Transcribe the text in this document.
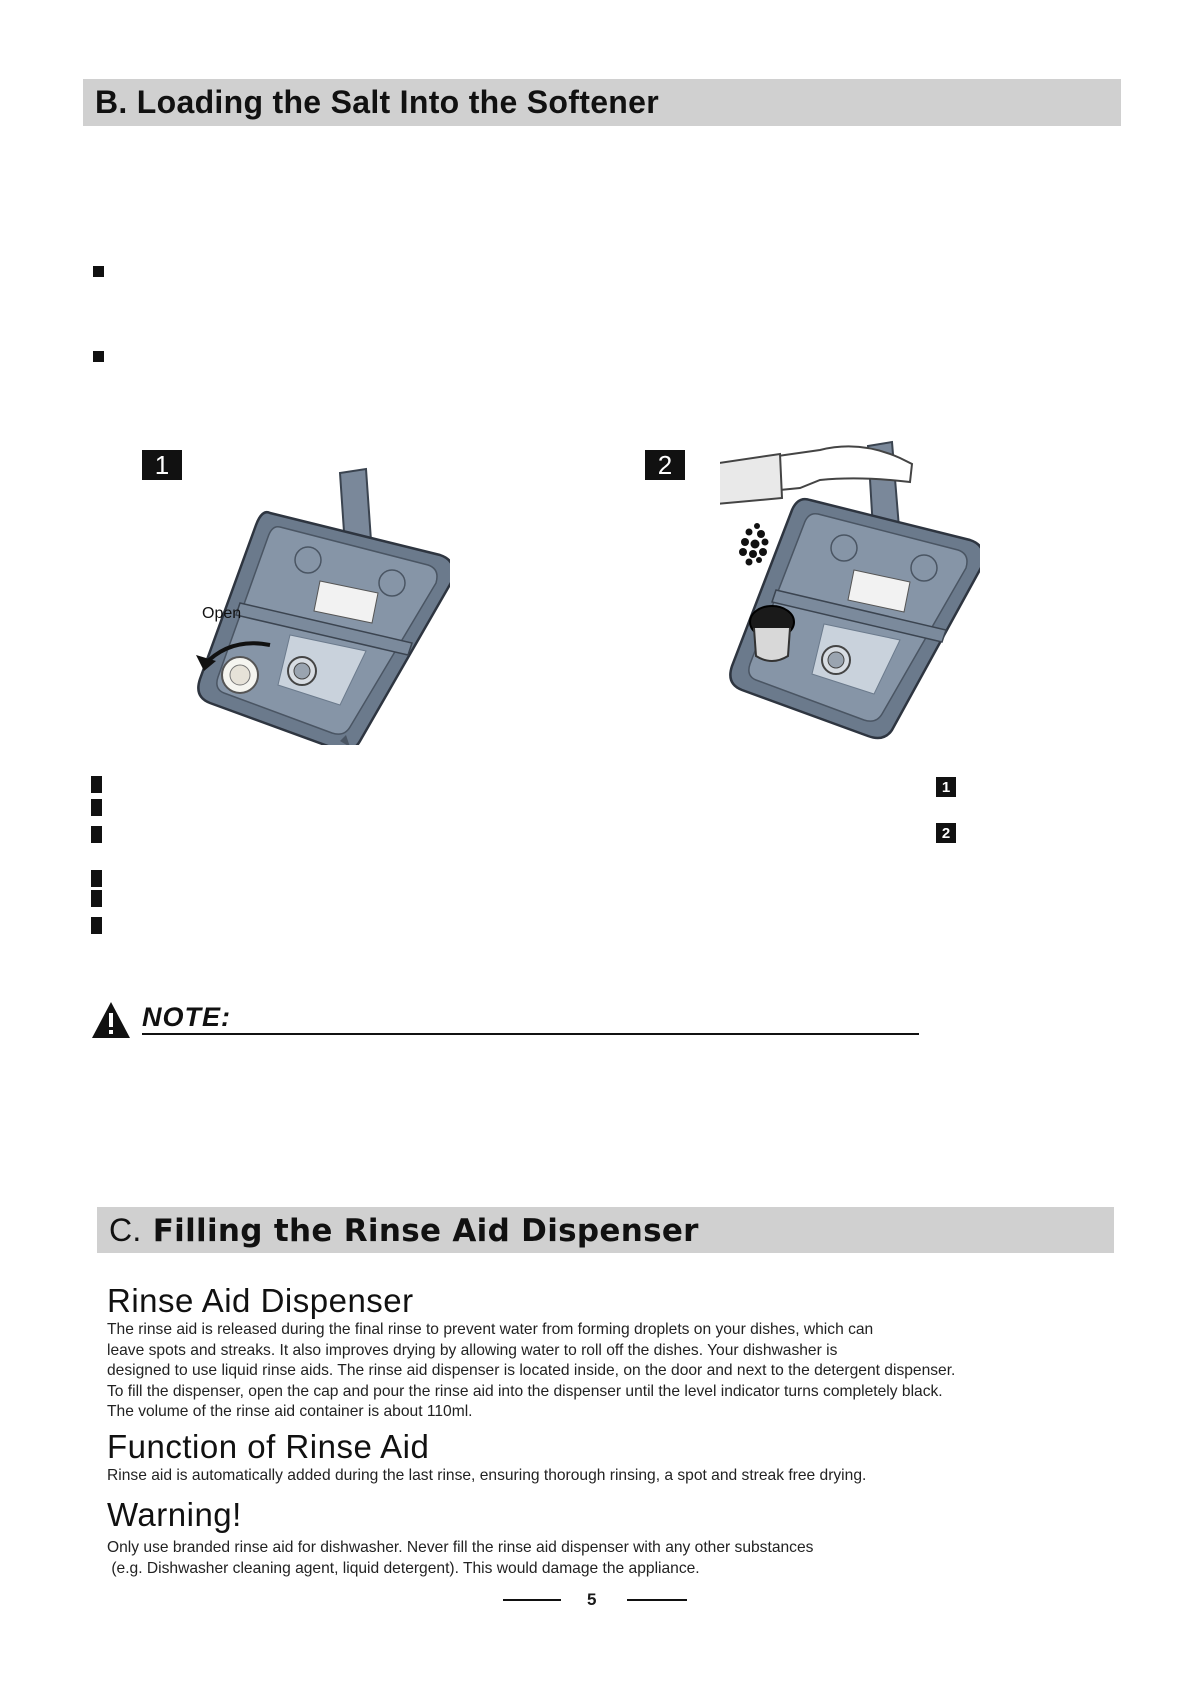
B. Loading the Salt Into the Softener
1
Open
2
1
2
NOTE:
C. Filling the Rinse Aid Dispenser
Rinse Aid Dispenser
The rinse aid is released during the final rinse to prevent water from forming droplets on your dishes, which can
leave spots and streaks. It also improves drying by allowing water to roll off the dishes. Your dishwasher is
designed to use liquid rinse aids. The rinse aid dispenser is located inside, on the door and next to the detergent dispenser.
To fill the dispenser, open the cap and pour the rinse aid into the dispenser until the level indicator turns completely black.
The volume of the rinse aid container is about 110ml.
Function of Rinse Aid
Rinse aid is automatically added during the last rinse, ensuring thorough rinsing, a spot and streak free drying.
Warning!
Only use branded rinse aid for dishwasher. Never fill the rinse aid dispenser with any other substances
(e.g. Dishwasher cleaning agent, liquid detergent). This would damage the appliance.
5
